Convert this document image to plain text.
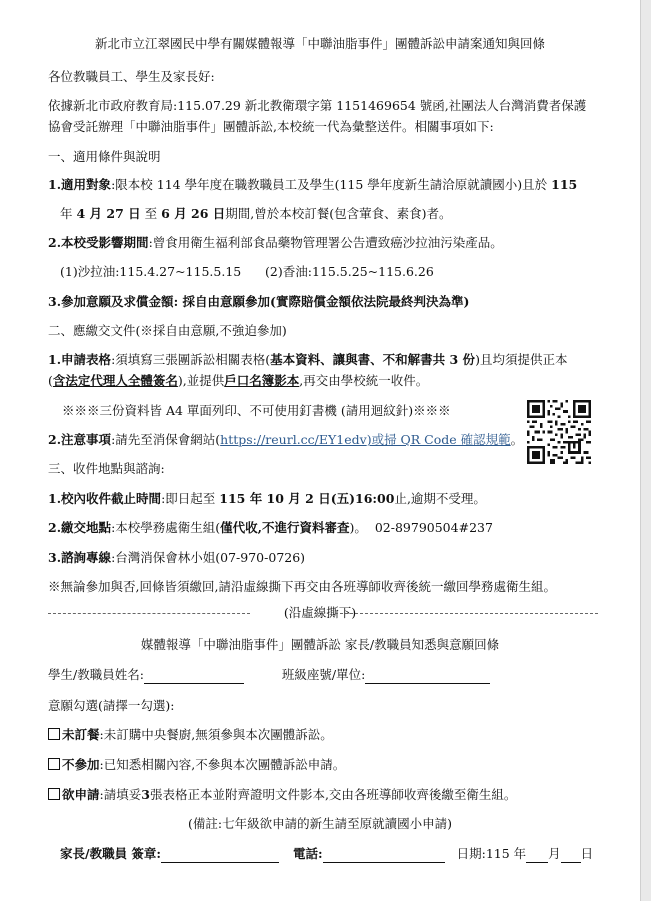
新北市立江翠國民中學有關媒體報導「中聯油脂事件」團體訴訟申請案通知與回條
各位教職員工、學生及家長好:
依據新北市政府教育局:115.07.29 新北教衛環字第 1151469654 號函,社團法人台灣消費者保護
協會受託辦理「中聯油脂事件」團體訴訟,本校統一代為彙整送件。相關事項如下:
一、適用條件與說明
1.適用對象:限本校 114 學年度在職教職員工及學生(115 學年度新生請洽原就讀國小)且於 115
年 4 月 27 日 至 6 月 26 日期間,曾於本校訂餐(包含葷食、素食)者。
2.本校受影響期間:曾食用衛生福利部食品藥物管理署公告遭致癌沙拉油污染產品。
(1)沙拉油:115.4.27~115.5.15      (2)香油:115.5.25~115.6.26
3.參加意願及求償金額: 採自由意願參加(實際賠償金額依法院最終判決為準)
二、應繳交文件(※採自由意願,不強迫參加)
1.申請表格:須填寫三張團訴訟相關表格(基本資料、讓與書、不和解書共 3 份)且均須提供正本
(含法定代理人全體簽名),並提供戶口名簿影本,再交由學校統一收件。
※※※三份資料皆 A4 單面列印、不可使用釘書機 (請用迴紋針)※※※
2.注意事項:請先至消保會網站(https://reurl.cc/EY1edv)或掃 QR Code 確認規範。
三、收件地點與諮詢:
1.校內收件截止時間:即日起至 115 年 10 月 2 日(五)16:00止,逾期不受理。
2.繳交地點:本校學務處衛生組(僅代收,不進行資料審查)。  02-89790504#237
3.諮詢專線:台灣消保會林小姐(07-970-0726)
※無論參加與否,回條皆須繳回,請沿虛線撕下再交由各班導師收齊後統一繳回學務處衛生組。
(沿虛線撕下)
媒體報導「中聯油脂事件」團體訴訟 家長/教職員知悉與意願回條
學生/教職員姓名:	班級座號/單位:
意願勾選(請擇一勾選):
未訂餐:未訂購中央餐廚,無須參與本次團體訴訟。
不參加:已知悉相關內容,不參與本次團體訴訟申請。
欲申請:請填妥3張表格正本並附齊證明文件影本,交由各班導師收齊後繳至衛生組。
(備註:七年級欲申請的新生請至原就讀國小申請)
家長/教職員 簽章:	電話:	日期:115 年 月 日
